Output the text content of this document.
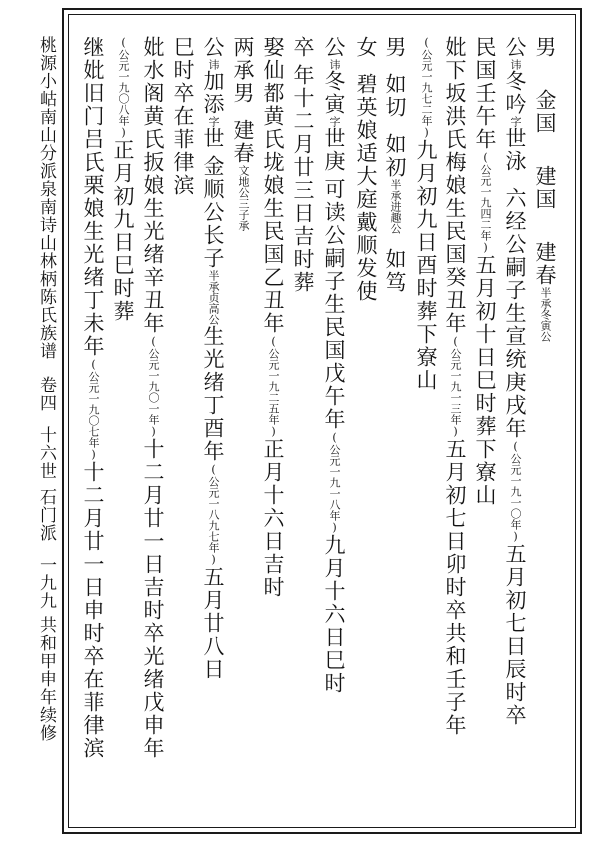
桃源小岵南山分派泉南诗山林柄陈氏族谱卷四十六世石门派一九九共和甲申年续修
男金国建国建春半承冬寅公
公讳冬吟字世泳六经公嗣子生宣统庚戌年(公元一九一〇年)五月初七日辰时卒
民国壬午年(公元一九四二年)五月初十日巳时葬下寮山
妣下坂洪氏梅娘生民国癸丑年(公元一九一三年)五月初七日卯时卒共和壬子年
(公元一九七二年)九月初九日酉时葬下寮山
男如切如初半承进趣公如笃
女碧英娘适大庭戴顺发使
公讳冬寅字世庚可读公嗣子生民国戊午年(公元一九一八年)九月十六日巳时
卒年十二月廿三日吉时葬
娶仙都黄氏垅娘生民国乙丑年(公元一九二五年)正月十六日吉时
两承男建春文地公三子承
公讳加添字世金顺公长子半承贞高公生光绪丁酉年(公元一八九七年)五月廿八日
巳时卒在菲律滨
妣水阁黄氏扳娘生光绪辛丑年(公元一九〇一年)十二月廿一日吉时卒光绪戊申年
(公元一九〇八年)正月初九日巳时葬
继妣旧门吕氏栗娘生光绪丁未年(公元一九〇七年)十二月廿一日申时卒在菲律滨
